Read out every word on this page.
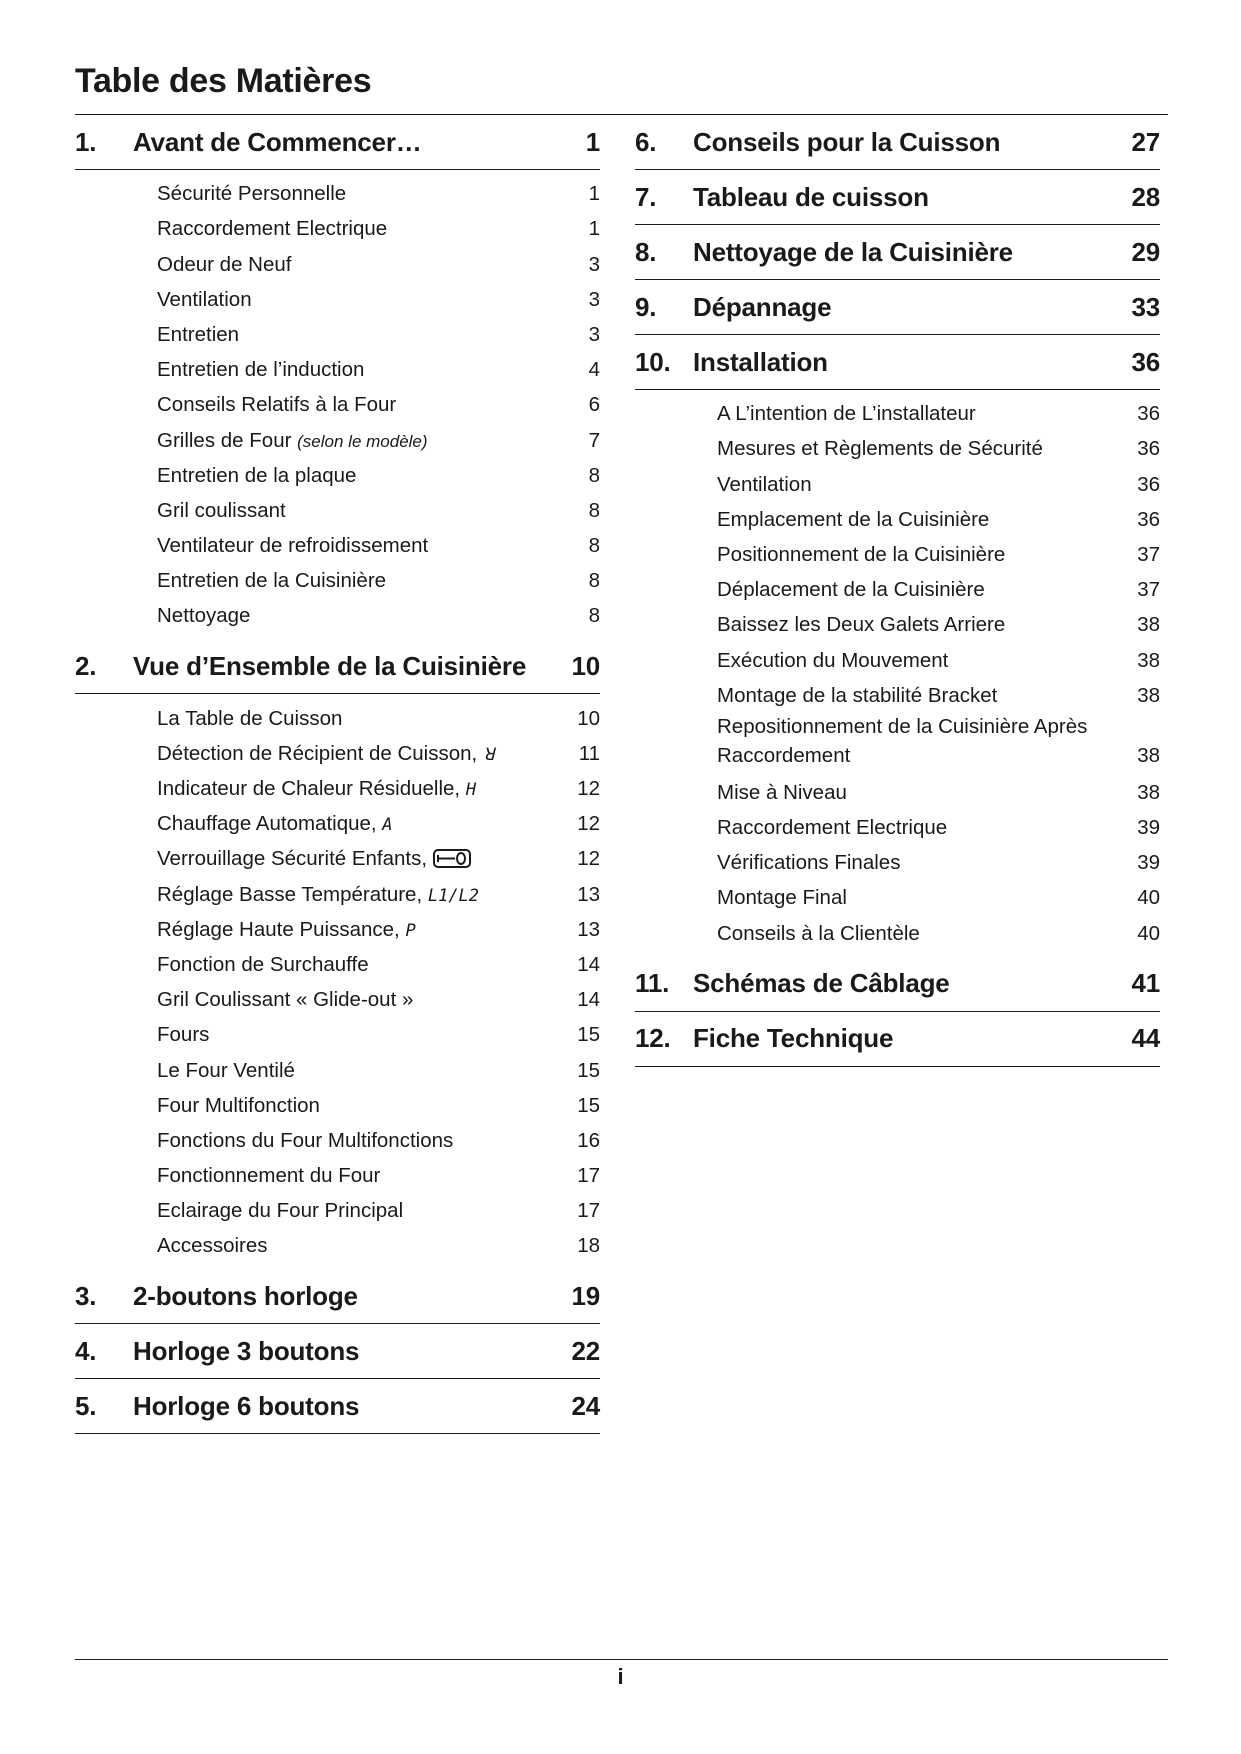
Table des Matières
1.	Avant de Commencer…	1
Sécurité Personnelle	1
Raccordement Electrique	1
Odeur de Neuf	3
Ventilation	3
Entretien	3
Entretien de l’induction	4
Conseils Relatifs à la Four	6
Grilles de Four (selon le modèle)	7
Entretien de la plaque	8
Gril coulissant	8
Ventilateur de refroidissement	8
Entretien de la Cuisinière	8
Nettoyage	8
2.	Vue d’Ensemble de la Cuisinière	10
La Table de Cuisson	10
Détection de Récipient de Cuisson, ꓤ	11
Indicateur de Chaleur Résiduelle, H	12
Chauffage Automatique, A	12
Verrouillage Sécurité Enfants,	12
Réglage Basse Température, L1/L2	13
Réglage Haute Puissance, P	13
Fonction de Surchauffe	14
Gril Coulissant « Glide-out »	14
Fours	15
Le Four Ventilé	15
Four Multifonction	15
Fonctions du Four Multifonctions	16
Fonctionnement du Four	17
Eclairage du Four Principal	17
Accessoires	18
3.	2-boutons horloge	19
4.	Horloge 3 boutons	22
5.	Horloge 6 boutons	24
6.	Conseils pour la Cuisson	27
7.	Tableau de cuisson	28
8.	Nettoyage de la Cuisinière	29
9.	Dépannage	33
10. Installation	36
A L’intention de L’installateur	36
Mesures et Règlements de Sécurité	36
Ventilation	36
Emplacement de la Cuisinière	36
Positionnement de la Cuisinière	37
Déplacement de la Cuisinière	37
Baissez les Deux Galets Arriere	38
Exécution du Mouvement	38
Montage de la stabilité Bracket	38
Repositionnement de la Cuisinière Après Raccordement	38
Mise à Niveau	38
Raccordement Electrique	39
Vérifications Finales	39
Montage Final	40
Conseils à la Clientèle	40
11. Schémas de Câblage	41
12. Fiche Technique	44
i
